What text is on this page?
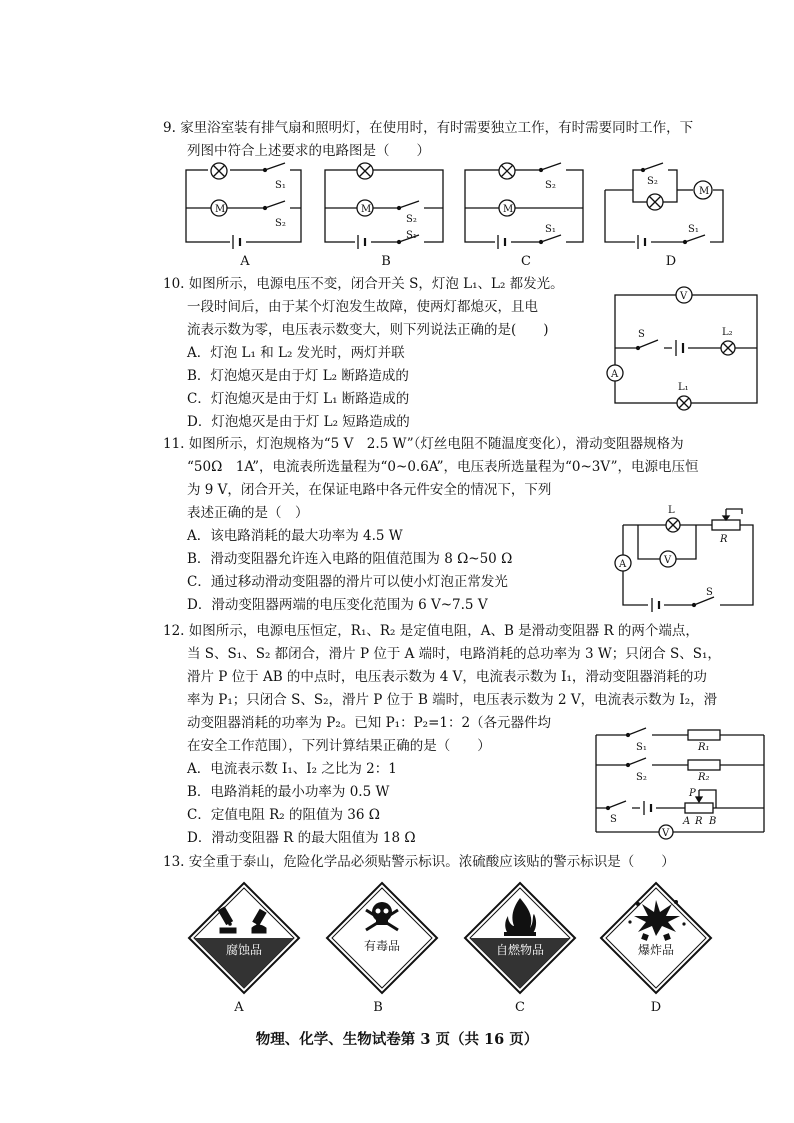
9. 家里浴室装有排气扇和照明灯，在使用时，有时需要独立工作，有时需要同时工作，下
列图中符合上述要求的电路图是（　　）
M
S₁
S₂
M
S₂
S₁
M
S₂
S₁
S₂
M
S₁
A	B	C	D
10. 如图所示，电源电压不变，闭合开关 S，灯泡 L₁、L₂ 都发光。
一段时间后，由于某个灯泡发生故障，使两灯都熄灭，且电
流表示数为零，电压表示数变大，则下列说法正确的是(　　)
A．灯泡 L₁ 和 L₂ 发光时，两灯并联
B．灯泡熄灭是由于灯 L₂ 断路造成的
C．灯泡熄灭是由于灯 L₁ 断路造成的
D．灯泡熄灭是由于灯 L₂ 短路造成的
V
A
S	L₂
L₁
11. 如图所示，灯泡规格为“5 V　2.5 W”（灯丝电阻不随温度变化），滑动变阻器规格为
“50Ω　1A”，电流表所选量程为“0~0.6A”，电压表所选量程为“0~3V”，电源电压恒
为 9 V，闭合开关，在保证电路中各元件安全的情况下，下列
表述正确的是（　）
A．该电路消耗的最大功率为 4.5 W
B．滑动变阻器允许连入电路的阻值范围为 8 Ω~50 Ω
C．通过移动滑动变阻器的滑片可以使小灯泡正常发光
D．滑动变阻器两端的电压变化范围为 6 V~7.5 V
L
R
A	V
S
12. 如图所示，电源电压恒定，R₁、R₂ 是定值电阻，A、B 是滑动变阻器 R 的两个端点，
当 S、S₁、S₂ 都闭合，滑片 P 位于 A 端时，电路消耗的总功率为 3 W；只闭合 S、S₁，
滑片 P 位于 AB 的中点时，电压表示数为 4 V，电流表示数为 I₁，滑动变阻器消耗的功
率为 P₁；只闭合 S、S₂，滑片 P 位于 B 端时，电压表示数为 2 V，电流表示数为 I₂，滑
动变阻器消耗的功率为 P₂。已知 P₁：P₂=1：2（各元器件均
在安全工作范围），下列计算结果正确的是（　　）
A．电流表示数 I₁、I₂ 之比为 2：1
B．电路消耗的最小功率为 0.5 W
C．定值电阻 R₂ 的阻值为 36 Ω
D．滑动变阻器 R 的最大阻值为 18 Ω
S₁	R₁
S₂	R₂
S
P
A R B
V
13. 安全重于泰山，危险化学品必须贴警示标识。浓硫酸应该贴的警示标识是（　　）
腐蚀品
A
有毒品
B
自燃物品
C
爆炸品
D
物理、化学、生物试卷第 3 页（共 16 页）
